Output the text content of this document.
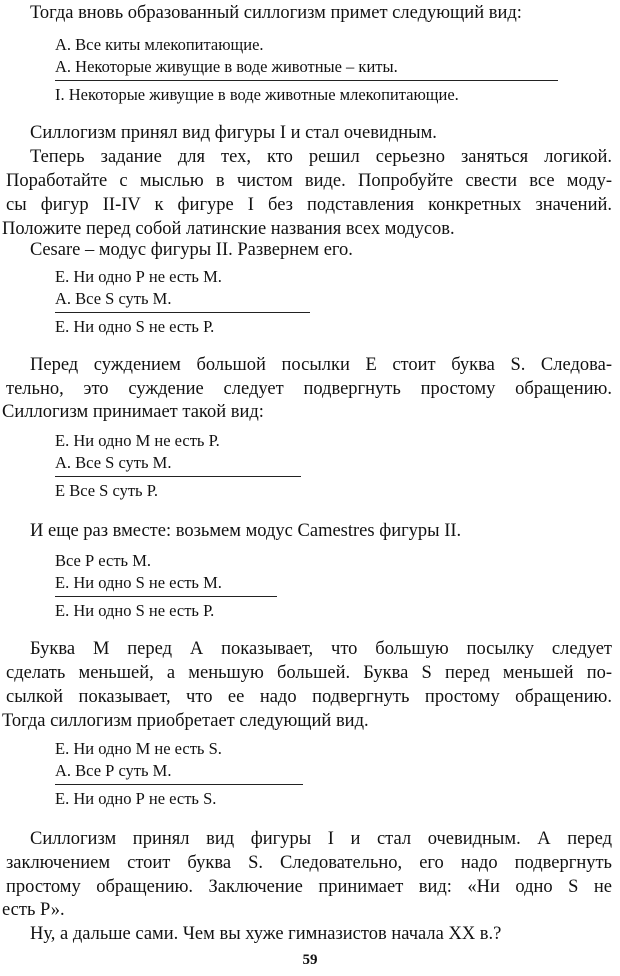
Тогда вновь образованный силлогизм примет следующий вид:

А. Все киты млекопитающие.
А. Некоторые живущие в воде животные – киты.
I. Некоторые живущие в воде животные млекопитающие.

Силлогизм принял вид фигуры I и стал очевидным.

Теперь задание для тех, кто решил серьезно заняться логикой.

Поработайте с мыслью в чистом виде. Попробуйте свести все моду-

сы фигур II-IV к фигуре I без подставления конкретных значений.

Положите перед собой латинские названия всех модусов.

Cesare – модус фигуры II. Развернем его.

Е. Ни одно Р не есть М.
А. Все S суть М.
Е. Ни одно S не есть Р.

Перед суждением большой посылки Е стоит буква S. Следова-

тельно, это суждение следует подвергнуть простому обращению.

Силлогизм принимает такой вид:

Е. Ни одно М не есть Р.
А. Все S суть М.
Е Все S суть Р.

И еще раз вместе: возьмем модус Camestres фигуры II.

Все Р есть М.
Е. Ни одно S не есть М.
Е. Ни одно S не есть Р.

Буква М перед А показывает, что большую посылку следует

сделать меньшей, а меньшую большей. Буква S перед меньшей по-

сылкой показывает, что ее надо подвергнуть простому обращению.

Тогда силлогизм приобретает следующий вид.

Е. Ни одно М не есть S.
А. Все Р суть М.
Е. Ни одно Р не есть S.

Силлогизм принял вид фигуры I и стал очевидным. А перед

заключением стоит буква S. Следовательно, его надо подвергнуть

простому обращению. Заключение принимает вид: «Ни одно S не

есть Р».

Ну, а дальше сами. Чем вы хуже гимназистов начала XX в.?

59
